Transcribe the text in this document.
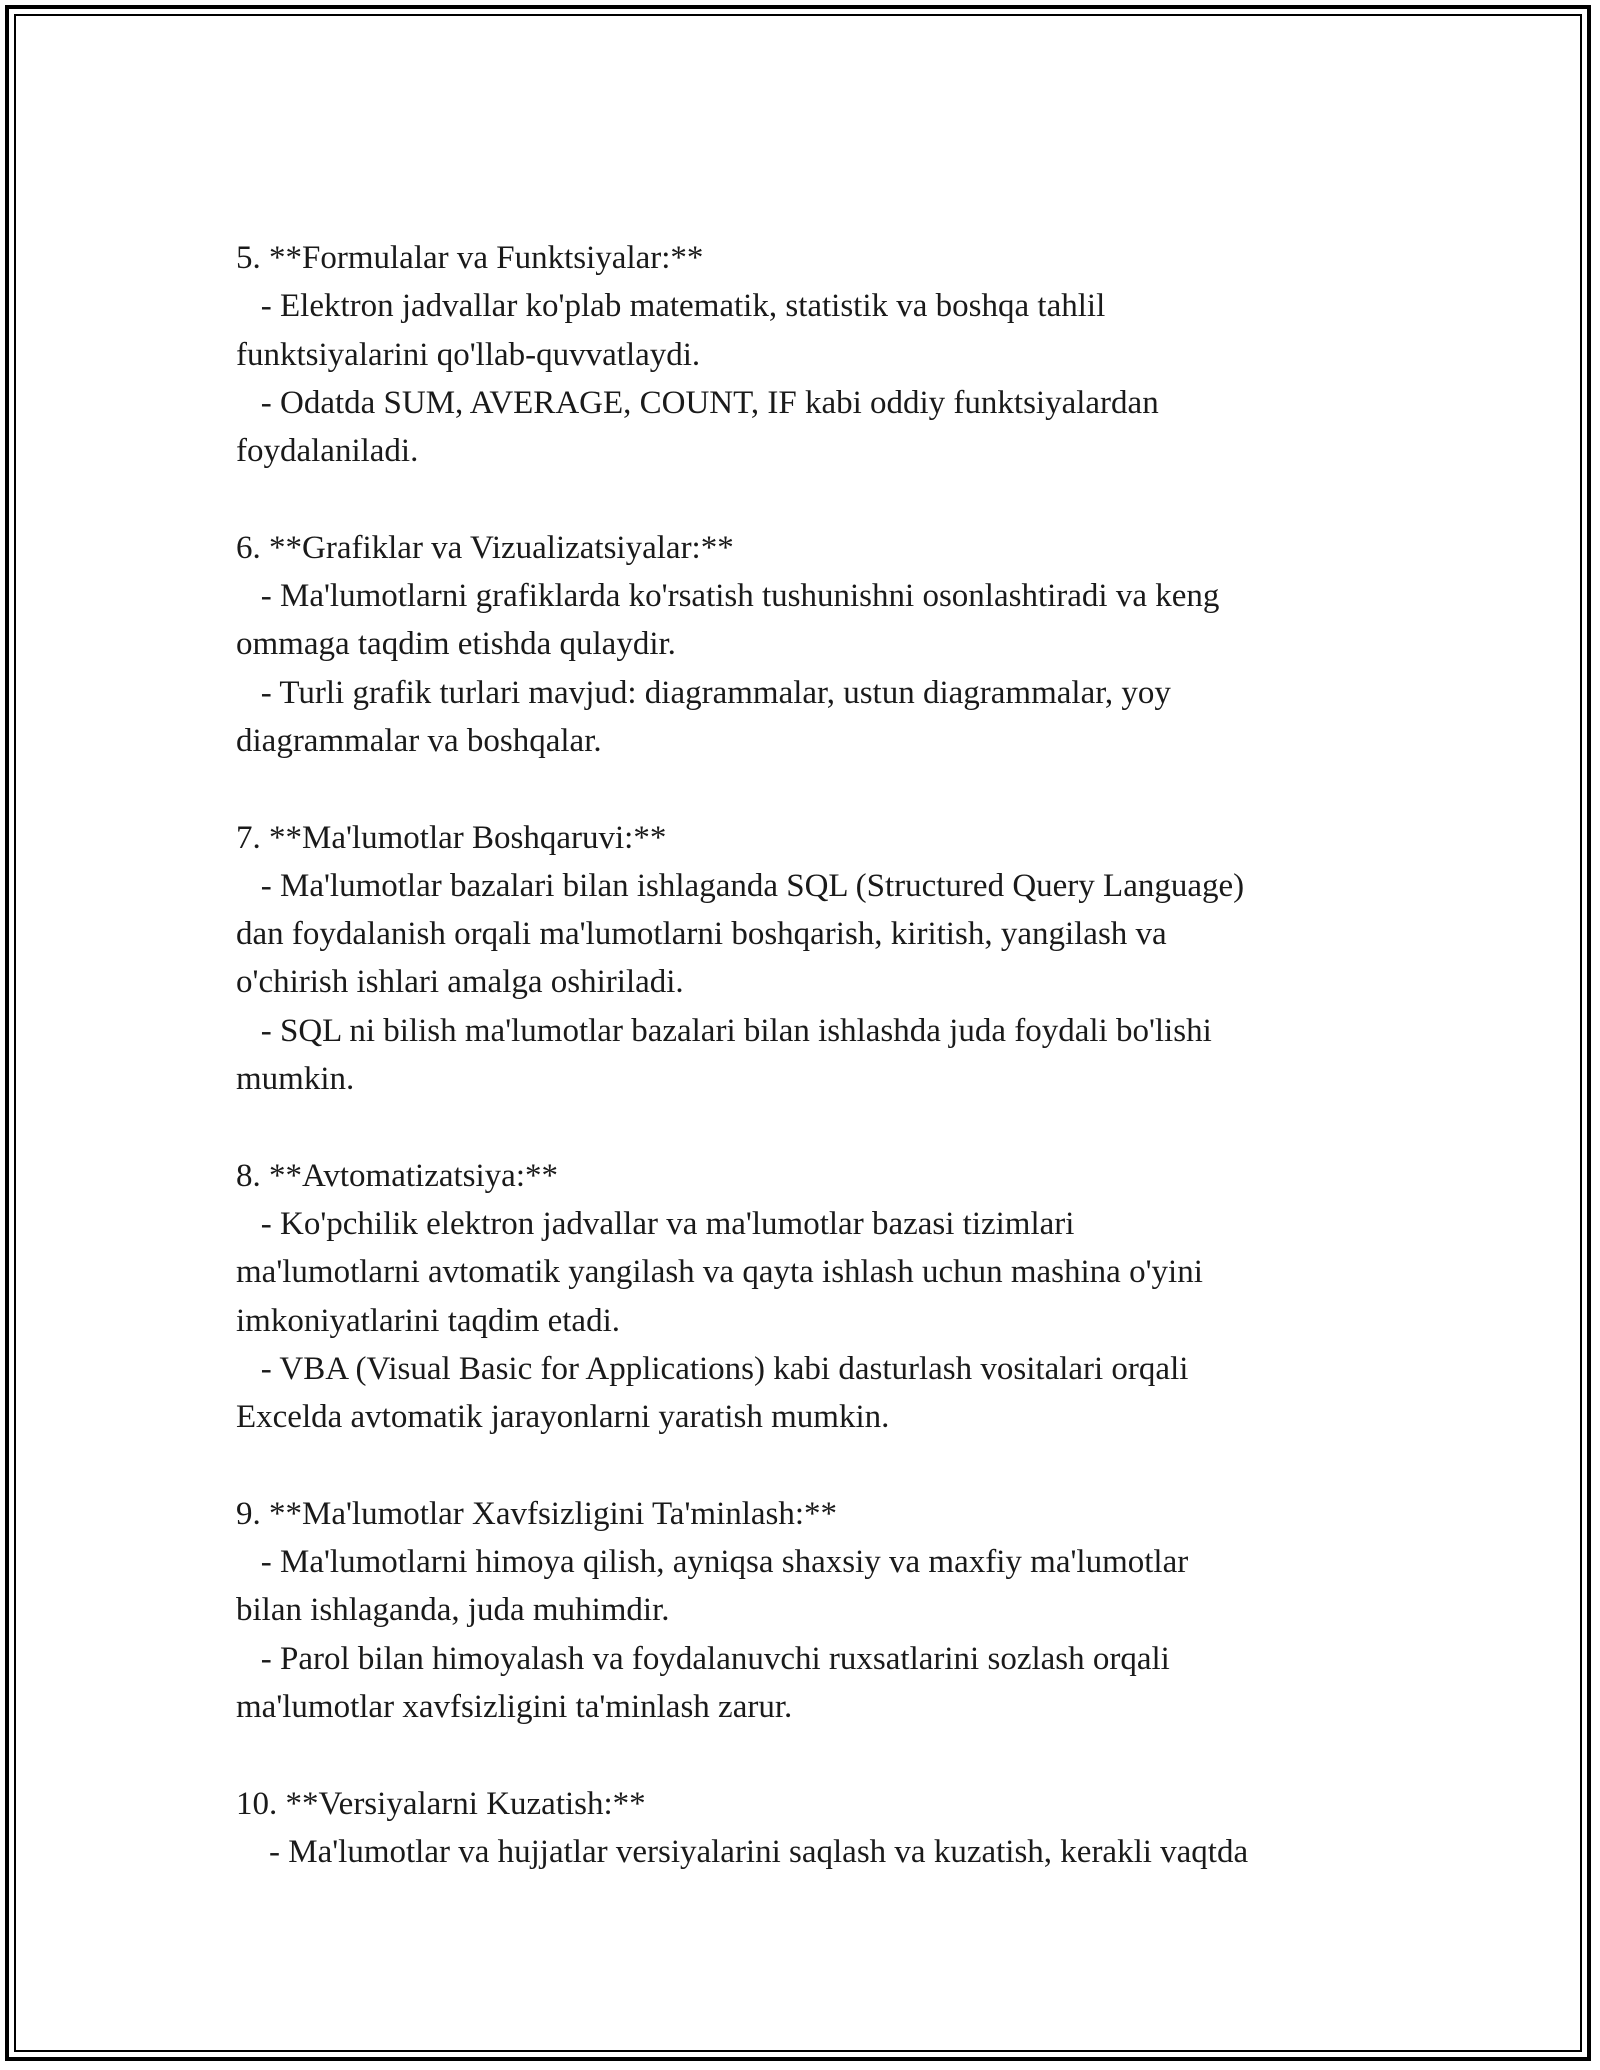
5. **Formulalar va Funktsiyalar:**
- Elektron jadvallar ko'plab matematik, statistik va boshqa tahlil
funktsiyalarini qo'llab-quvvatlaydi.
- Odatda SUM, AVERAGE, COUNT, IF kabi oddiy funktsiyalardan
foydalaniladi.
6. **Grafiklar va Vizualizatsiyalar:**
- Ma'lumotlarni grafiklarda ko'rsatish tushunishni osonlashtiradi va keng
ommaga taqdim etishda qulaydir.
- Turli grafik turlari mavjud: diagrammalar, ustun diagrammalar, yoy
diagrammalar va boshqalar.
7. **Ma'lumotlar Boshqaruvi:**
- Ma'lumotlar bazalari bilan ishlaganda SQL (Structured Query Language)
dan foydalanish orqali ma'lumotlarni boshqarish, kiritish, yangilash va
o'chirish ishlari amalga oshiriladi.
- SQL ni bilish ma'lumotlar bazalari bilan ishlashda juda foydali bo'lishi
mumkin.
8. **Avtomatizatsiya:**
- Ko'pchilik elektron jadvallar va ma'lumotlar bazasi tizimlari
ma'lumotlarni avtomatik yangilash va qayta ishlash uchun mashina o'yini
imkoniyatlarini taqdim etadi.
- VBA (Visual Basic for Applications) kabi dasturlash vositalari orqali
Excelda avtomatik jarayonlarni yaratish mumkin.
9. **Ma'lumotlar Xavfsizligini Ta'minlash:**
- Ma'lumotlarni himoya qilish, ayniqsa shaxsiy va maxfiy ma'lumotlar
bilan ishlaganda, juda muhimdir.
- Parol bilan himoyalash va foydalanuvchi ruxsatlarini sozlash orqali
ma'lumotlar xavfsizligini ta'minlash zarur.
10. **Versiyalarni Kuzatish:**
- Ma'lumotlar va hujjatlar versiyalarini saqlash va kuzatish, kerakli vaqtda
